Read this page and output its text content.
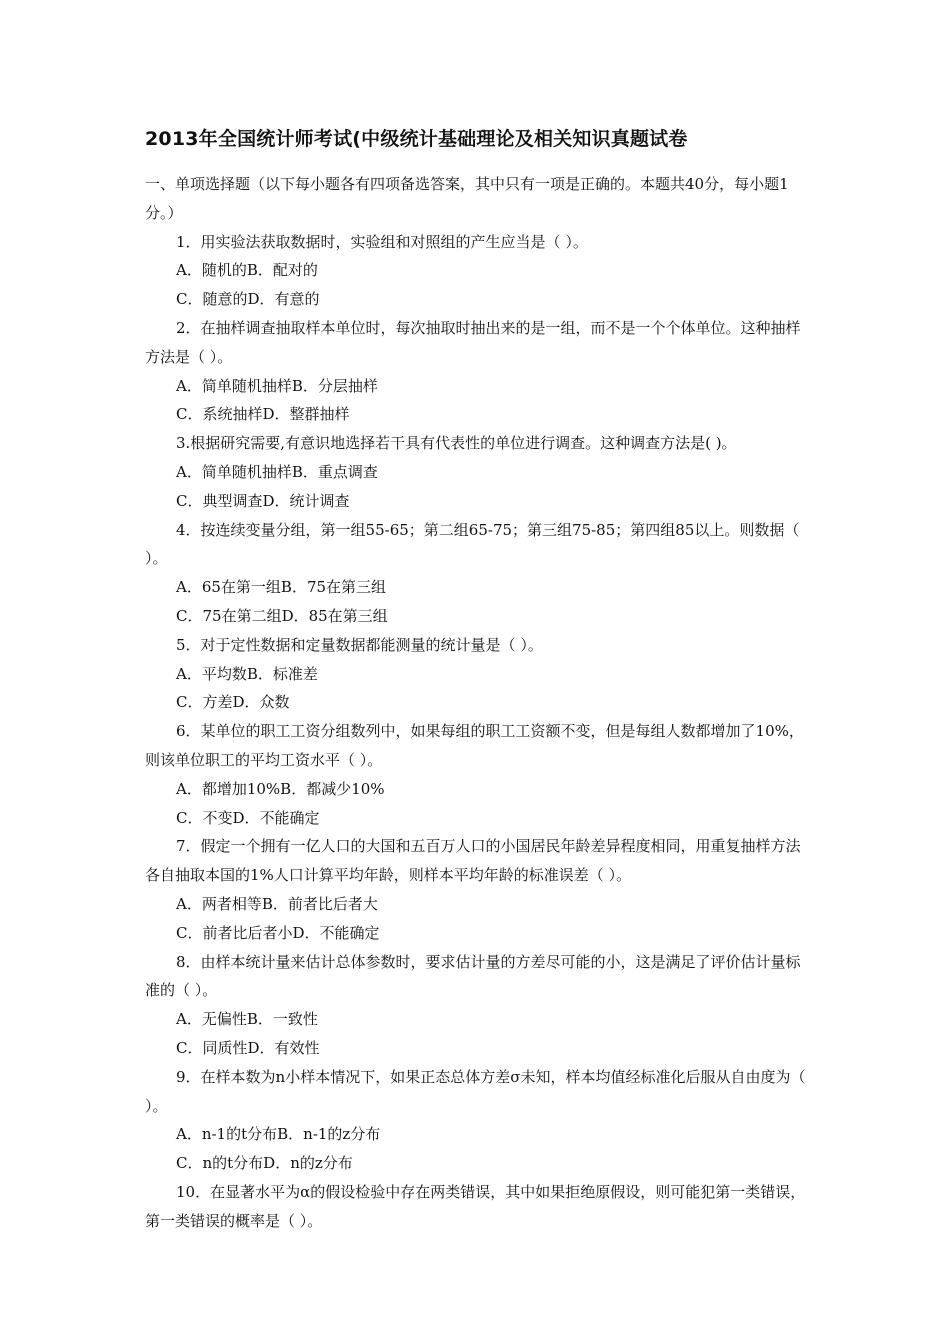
2013年全国统计师考试(中级统计基础理论及相关知识真题试卷

一、单项选择题（以下每小题各有四项备选答案，其中只有一项是正确的。本题共40分，每小题1分。）

1．用实验法获取数据时，实验组和对照组的产生应当是（ ）。

A．随机的B．配对的

C．随意的D．有意的

2．在抽样调查抽取样本单位时，每次抽取时抽出来的是一组，而不是一个个体单位。这种抽样方法是（ ）。

A．简单随机抽样B．分层抽样

C．系统抽样D．整群抽样

3.根据研究需要,有意识地选择若干具有代表性的单位进行调查。这种调查方法是( )。

A．简单随机抽样B．重点调查

C．典型调查D．统计调查

4．按连续变量分组，第一组55-65；第二组65-75；第三组75-85；第四组85以上。则数据（ ）。

A．65在第一组B．75在第三组

C．75在第二组D．85在第三组

5．对于定性数据和定量数据都能测量的统计量是（ ）。

A．平均数B．标准差

C．方差D．众数

6．某单位的职工工资分组数列中，如果每组的职工工资额不变，但是每组人数都增加了10%，则该单位职工的平均工资水平（ ）。

A．都增加10%B．都减少10%

C．不变D．不能确定

7．假定一个拥有一亿人口的大国和五百万人口的小国居民年龄差异程度相同，用重复抽样方法各自抽取本国的1%人口计算平均年龄，则样本平均年龄的标准误差（ ）。

A．两者相等B．前者比后者大

C．前者比后者小D．不能确定

8．由样本统计量来估计总体参数时，要求估计量的方差尽可能的小，这是满足了评价估计量标准的（ ）。

A．无偏性B．一致性

C．同质性D．有效性

9．在样本数为n小样本情况下，如果正态总体方差σ未知，样本均值经标准化后服从自由度为（ ）。

A．n-1的t分布B．n-1的z分布

C．n的t分布D．n的z分布

10．在显著水平为α的假设检验中存在两类错误，其中如果拒绝原假设，则可能犯第一类错误，第一类错误的概率是（ ）。
